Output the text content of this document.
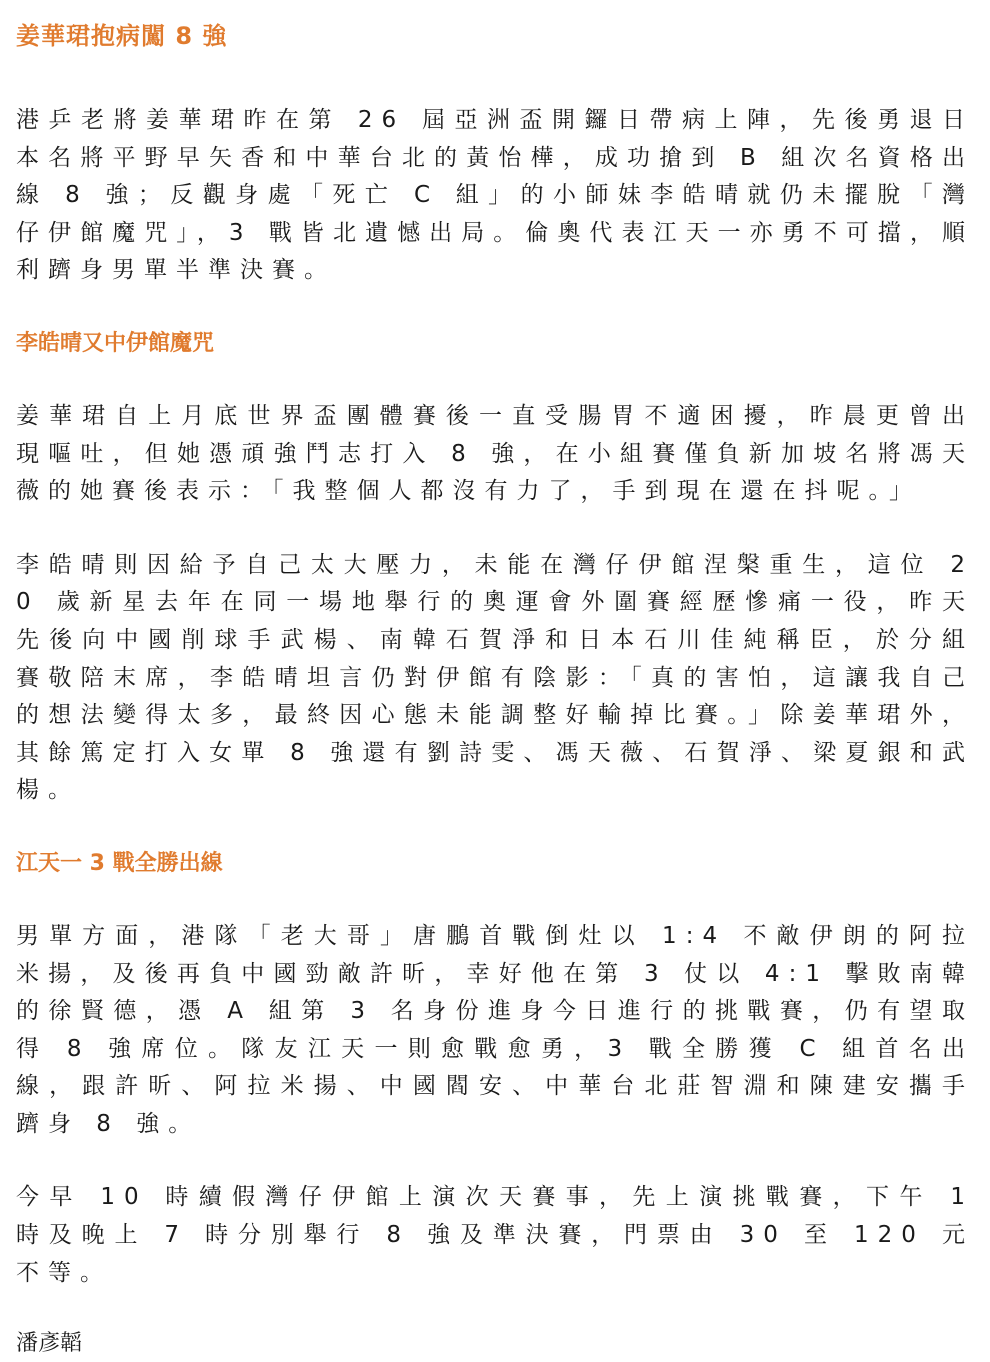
姜華珺抱病闖 8 強

港乒老將姜華珺昨在第 26 屆亞洲盃開鑼日帶病上陣，先後勇退日本名將平野早矢香和中華台北的黃怡樺，成功搶到 B 組次名資格出線 8 強；反觀身處「死亡 C 組」的小師妹李皓晴就仍未擺脫「灣仔伊館魔咒」，3 戰皆北遺憾出局。倫奧代表江天一亦勇不可擋，順利躋身男單半準決賽。

李皓晴又中伊館魔咒

姜華珺自上月底世界盃團體賽後一直受腸胃不適困擾，昨晨更曾出現嘔吐，但她憑頑強鬥志打入 8 強，在小組賽僅負新加坡名將馮天薇的她賽後表示：「我整個人都沒有力了，手到現在還在抖呢。」

李皓晴則因給予自己太大壓力，未能在灣仔伊館涅槃重生，這位 20 歲新星去年在同一場地舉行的奧運會外圍賽經歷慘痛一役，昨天先後向中國削球手武楊、南韓石賀淨和日本石川佳純稱臣，於分組賽敬陪末席，李皓晴坦言仍對伊館有陰影：「真的害怕，這讓我自己的想法變得太多，最終因心態未能調整好輸掉比賽。」除姜華珺外，其餘篤定打入女單 8 強還有劉詩雯、馮天薇、石賀淨、梁夏銀和武楊。

江天一 3 戰全勝出線

男單方面，港隊「老大哥」唐鵬首戰倒灶以 1:4 不敵伊朗的阿拉米揚，及後再負中國勁敵許昕，幸好他在第 3 仗以 4:1 擊敗南韓的徐賢德，憑 A 組第 3 名身份進身今日進行的挑戰賽，仍有望取得 8 強席位。隊友江天一則愈戰愈勇，3 戰全勝獲 C 組首名出線，跟許昕、阿拉米揚、中國閻安、中華台北莊智淵和陳建安攜手躋身 8 強。

今早 10 時續假灣仔伊館上演次天賽事，先上演挑戰賽，下午 1 時及晚上 7 時分別舉行 8 強及準決賽，門票由 30 至 120 元不等。

潘彥韜
